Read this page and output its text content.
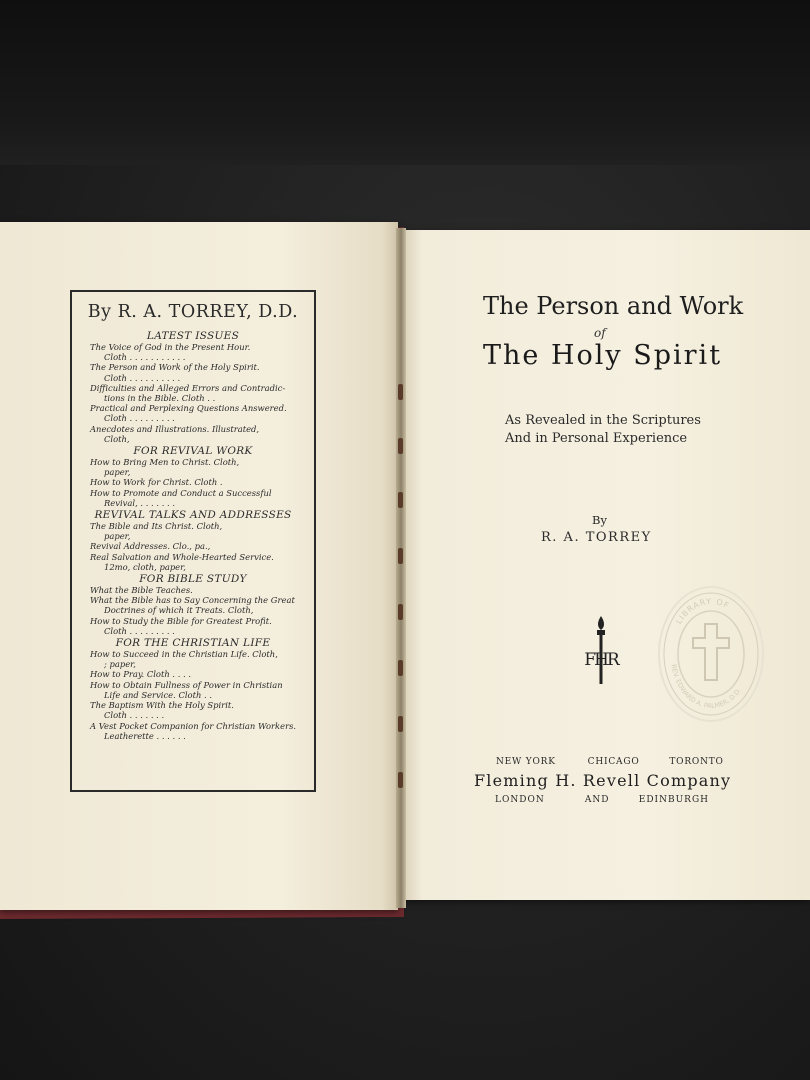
By R. A. TORREY, D.D.
LATEST ISSUES
The Voice of God in the Present Hour.
Cloth . . . . . . . . . . .
The Person and Work of the Holy Spirit.
Cloth . . . . . . . . . .
Difficulties and Alleged Errors and Contradic-
tions in the Bible. Cloth . .
Practical and Perplexing Questions Answered.
Cloth . . . . . . . . .
Anecdotes and Illustrations. Illustrated,
Cloth,
FOR REVIVAL WORK
How to Bring Men to Christ. Cloth,
paper,
How to Work for Christ. Cloth .
How to Promote and Conduct a Successful
Revival, . . . . . . .
REVIVAL TALKS AND ADDRESSES
The Bible and Its Christ. Cloth,
paper,
Revival Addresses. Clo., pa.,
Real Salvation and Whole-Hearted Service.
12mo, cloth, paper,
FOR BIBLE STUDY
What the Bible Teaches.
What the Bible has to Say Concerning the Great
Doctrines of which it Treats. Cloth,
How to Study the Bible for Greatest Profit.
Cloth . . . . . . . . .
FOR THE CHRISTIAN LIFE
How to Succeed in the Christian Life. Cloth,
; paper,
How to Pray. Cloth . . . .
How to Obtain Fullness of Power in Christian
Life and Service. Cloth . .
The Baptism With the Holy Spirit.
Cloth . . . . . . .
A Vest Pocket Companion for Christian Workers.
Leatherette . . . . . .
The Person and Work
of
The Holy Spirit
As Revealed in the Scriptures
And in Personal Experience
By
R. A. TORREY
FHR
LIBRARY OF
REV. EDWARD A. PALMER, D.D.
NEW YORK	CHICAGO	TORONTO
Fleming H. Revell Company
LONDON	AND	EDINBURGH
